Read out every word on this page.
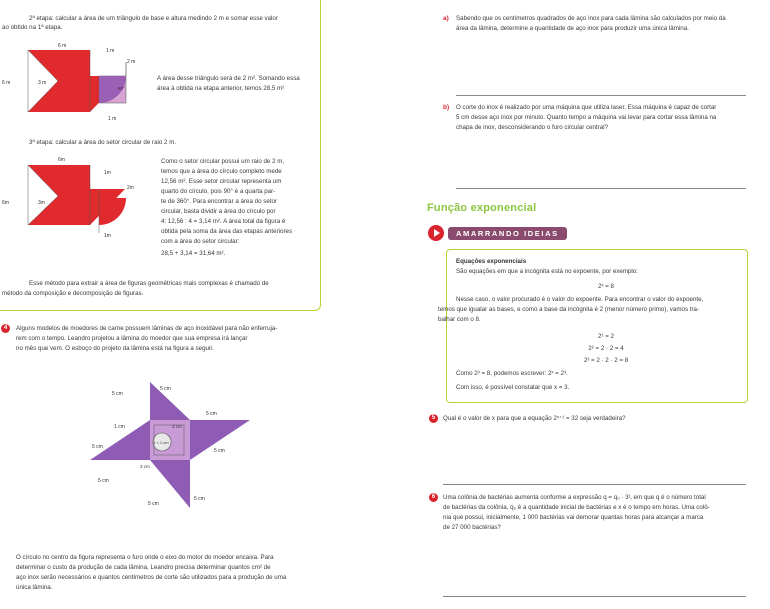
2ª etapa: calcular a área de um triângulo de base e altura medindo 2 m e somar esse valor

ao obtido na 1ª etapa.

6 m
1 m
2 m
6 m	3 m
90°
1 m

A área desse triângulo será de 2 m². Somando essa

área à obtida na etapa anterior, temos 28,5 m²

3ª etapa: calcular a área do setor circular de raio 2 m.

6m
1m
2m
6m	3m
1m

Como o setor circular possui um raio de 2 m,

temos que a área do círculo completo mede

12,56 m². Esse setor circular representa um

quarto do círculo, pois 90° é a quarta par-

te de 360°. Para encontrar a área do setor

circular, basta dividir a área do círculo por

4: 12,56 : 4 = 3,14 m². A área total da figura é

obtida pela soma da área das etapas anteriores

com a área do setor circular:

28,5 + 3,14 = 31,64 m².

Esse método para extrair a área de figuras geométricas mais complexas é chamado de

método da composição e decomposição de figuras.

4	Alguns modelos de moedores de carne possuem lâminas de aço inoxidável para não enferruja-

rem com o tempo. Leandro projetou a lâmina do moedor que sua empresa irá lançar

no mês que vem. O esboço do projeto da lâmina está na figura a seguir.

5 cm
5 cm
5 cm
1 cm	3 cm
5 cm
5 cm
r = 1 cm
3 cm
5 cm
5 cm
5 cm

O círculo no centro da figura representa o furo onde o eixo do motor do moedor encaixa. Para

determinar o custo da produção de cada lâmina, Leandro precisa determinar quantos cm² de

aço inox serão necessários e quantos centímetros de corte são utilizados para a produção de uma

única lâmina.

a) Sabendo que os centímetros quadrados de aço inox para cada lâmina são calculados por meio da

área da lâmina, determine a quantidade de aço inox para produzir uma única lâmina.

b) O corte do inox é realizado por uma máquina que utiliza laser. Essa máquina é capaz de cortar

5 cm desse aço inox por minuto. Quanto tempo a máquina vai levar para cortar essa lâmina na

chapa de inox, desconsiderando o furo circular central?

Função exponencial
AMARRANDO IDEIAS

Equações exponenciais

São equações em que a incógnita está no expoente, por exemplo:

2ˣ = 8

Nesse caso, o valor procurado é o valor do expoente. Para encontrar o valor do expoente,

temos que igualar as bases, e como a base da incógnita é 2 (menor número primo), vamos tra-

balhar com o 8.

2¹ = 2

2² = 2 · 2 = 4

2³ = 2 · 2 · 2 = 8

Como 2³ = 8, podemos escrever: 2ˣ = 2³.

Com isso, é possível constatar que x = 3.

5	Qual é o valor de x para que a equação 2ˣ⁺¹ = 32 seja verdadeira?

6	Uma colônia de bactérias aumenta conforme a expressão q = q₀ · 3ᵗ, em que q é o número total

de bactérias da colônia, q₀ é a quantidade inicial de bactérias e x é o tempo em horas. Uma colô-

nia que possui, inicialmente, 1 000 bactérias vai demorar quantas horas para alcançar a marca

de 27 000 bactérias?
